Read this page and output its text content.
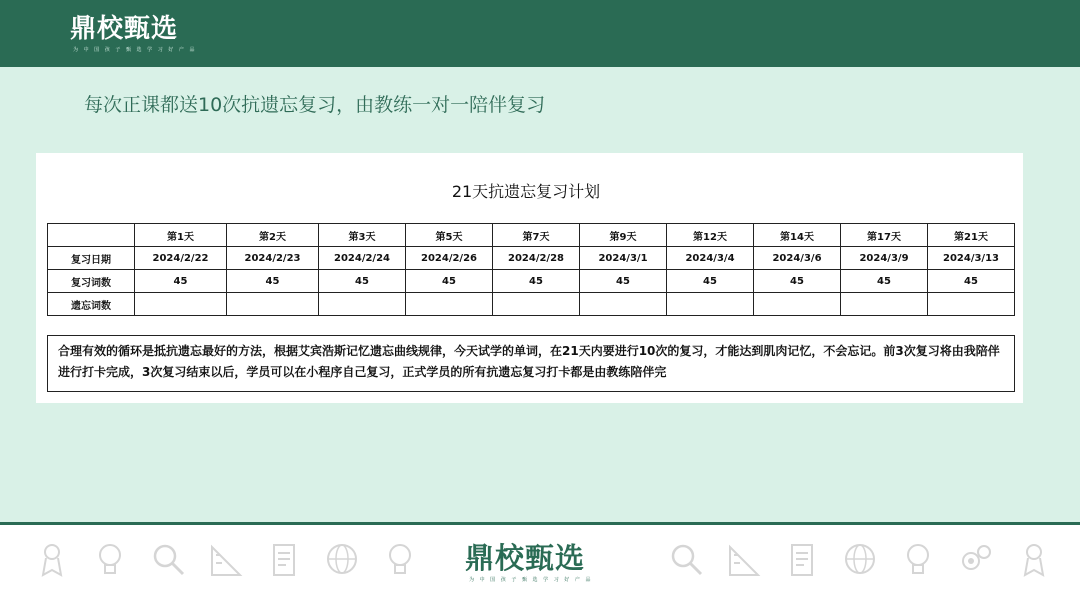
鼎校甄选
为 中 国 孩 子 甄 选 学 习 好 产 品
每次正课都送10次抗遗忘复习，由教练一对一陪伴复习
21天抗遗忘复习计划
	第1天	第2天	第3天	第5天	第7天	第9天	第12天	第14天	第17天	第21天
复习日期	2024/2/22	2024/2/23	2024/2/24	2024/2/26	2024/2/28	2024/3/1	2024/3/4	2024/3/6	2024/3/9	2024/3/13
复习词数	45	45	45	45	45	45	45	45	45	45
遗忘词数										
合理有效的循环是抵抗遗忘最好的方法，根据艾宾浩斯记忆遗忘曲线规律，今天试学的单词，在21天内要进行10次的复习，才能达到肌肉记忆，不会忘记。前3次复习将由我陪伴进行打卡完成，3次复习结束以后，学员可以在小程序自己复习，正式学员的所有抗遗忘复习打卡都是由教练陪伴完
鼎校甄选
为 中 国 孩 子 甄 选 学 习 好 产 品
